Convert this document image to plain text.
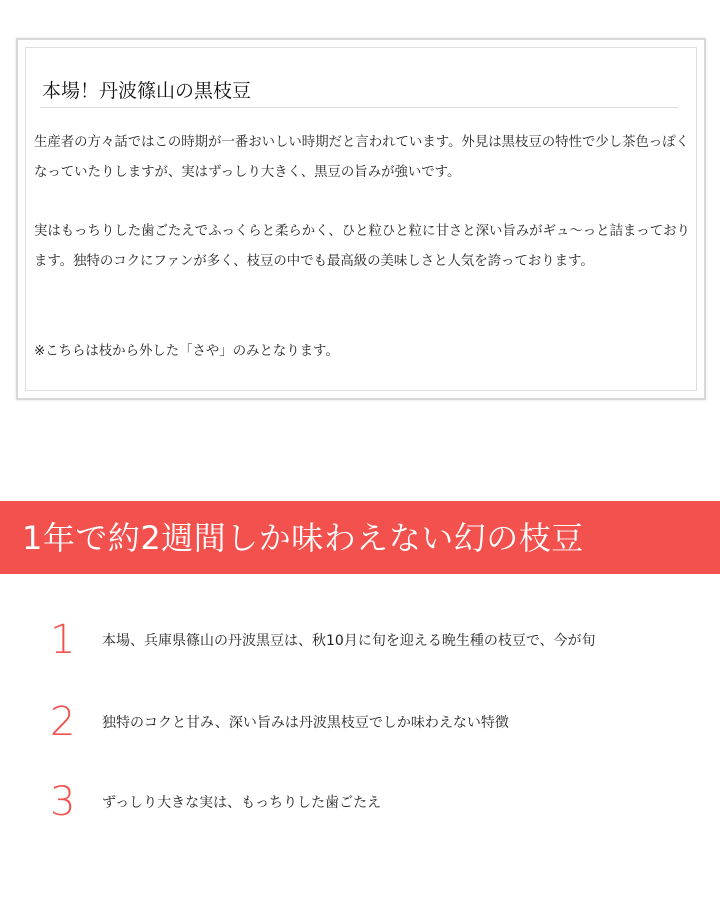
本場！丹波篠山の黒枝豆
生産者の方々話ではこの時期が一番おいしい時期だと言われています。外見は黒枝豆の特性で少し茶色っぽくなっていたりしますが、実はずっしり大きく、黒豆の旨みが強いです。
実はもっちりした歯ごたえでふっくらと柔らかく、ひと粒ひと粒に甘さと深い旨みがギュ～っと詰まっております。独特のコクにファンが多く、枝豆の中でも最高級の美味しさと人気を誇っております。
※こちらは枝から外した「さや」のみとなります。
1年で約2週間しか味わえない幻の枝豆
1	本場、兵庫県篠山の丹波黒豆は、秋10月に旬を迎える晩生種の枝豆で、今が旬
2	独特のコクと甘み、深い旨みは丹波黒枝豆でしか味わえない特徴
3	ずっしり大きな実は、もっちりした歯ごたえ
